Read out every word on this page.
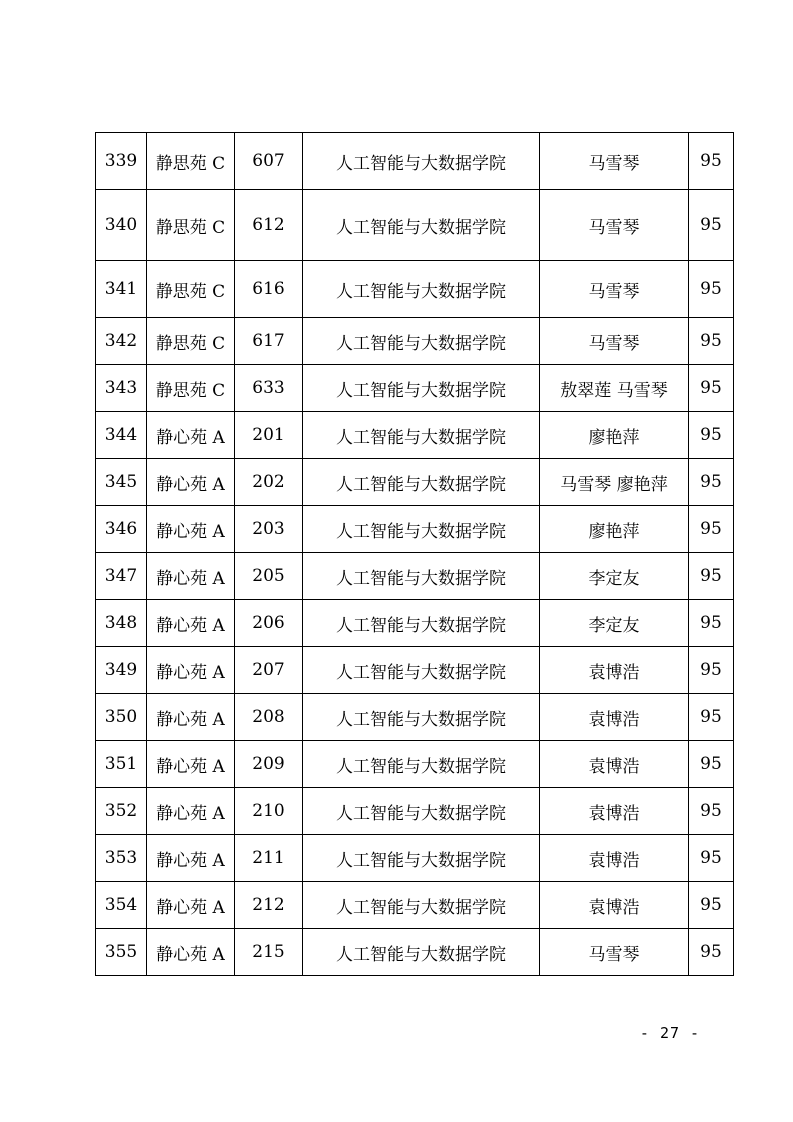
339	静思苑 C	607	人工智能与大数据学院	马雪琴	95
340	静思苑 C	612	人工智能与大数据学院	马雪琴	95
341	静思苑 C	616	人工智能与大数据学院	马雪琴	95
342	静思苑 C	617	人工智能与大数据学院	马雪琴	95
343	静思苑 C	633	人工智能与大数据学院	敖翠莲 马雪琴	95
344	静心苑 A	201	人工智能与大数据学院	廖艳萍	95
345	静心苑 A	202	人工智能与大数据学院	马雪琴 廖艳萍	95
346	静心苑 A	203	人工智能与大数据学院	廖艳萍	95
347	静心苑 A	205	人工智能与大数据学院	李定友	95
348	静心苑 A	206	人工智能与大数据学院	李定友	95
349	静心苑 A	207	人工智能与大数据学院	袁博浩	95
350	静心苑 A	208	人工智能与大数据学院	袁博浩	95
351	静心苑 A	209	人工智能与大数据学院	袁博浩	95
352	静心苑 A	210	人工智能与大数据学院	袁博浩	95
353	静心苑 A	211	人工智能与大数据学院	袁博浩	95
354	静心苑 A	212	人工智能与大数据学院	袁博浩	95
355	静心苑 A	215	人工智能与大数据学院	马雪琴	95
- 27 -
